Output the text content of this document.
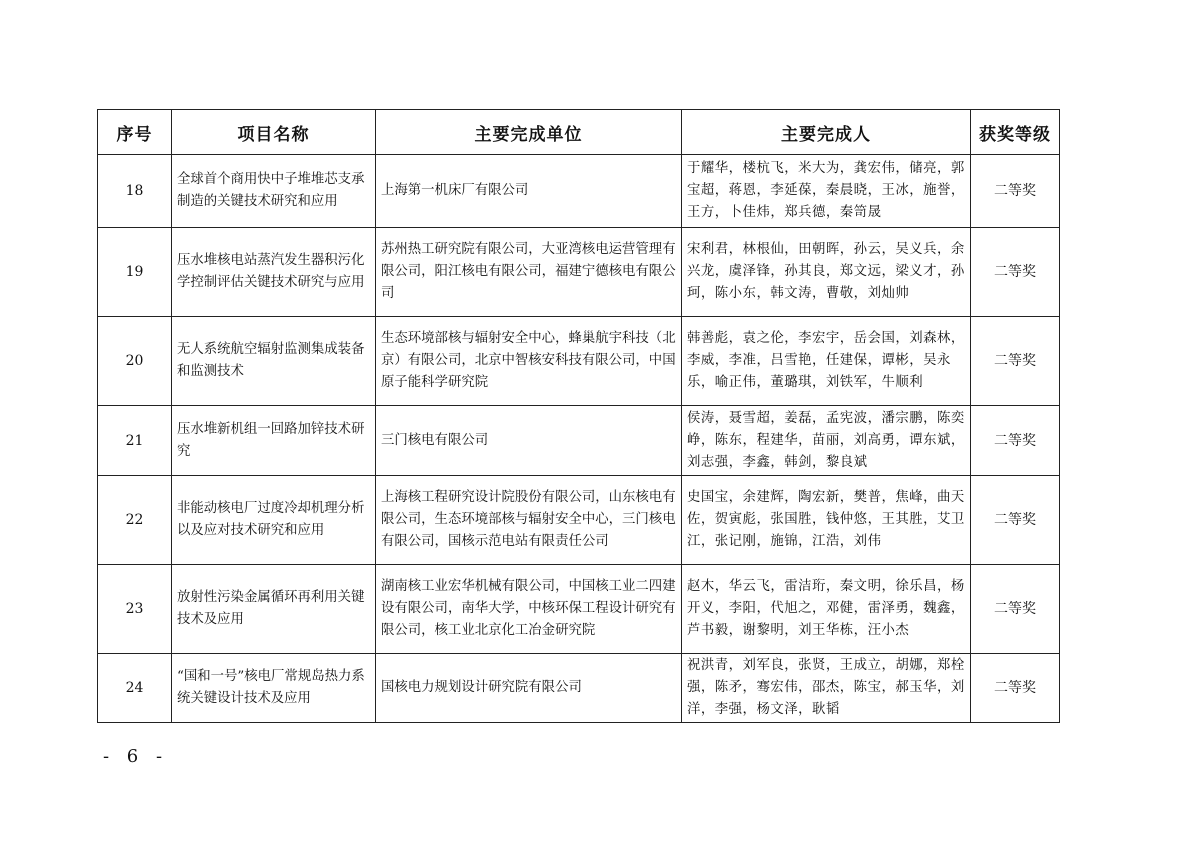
序号	项目名称	主要完成单位	主要完成人	获奖等级
18	全球首个商用快中子堆堆芯支承制造的关键技术研究和应用	上海第一机床厂有限公司	于耀华，楼杭飞，米大为，龚宏伟，储亮，郭宝超，蒋恩，李延葆，秦晨晓，王冰，施誉，王方，卜佳炜，郑兵德，秦笥晟	二等奖
19	压水堆核电站蒸汽发生器积污化学控制评估关键技术研究与应用	苏州热工研究院有限公司，大亚湾核电运营管理有限公司，阳江核电有限公司，福建宁德核电有限公司	宋利君，林根仙，田朝晖，孙云，吴义兵，余兴龙，虞泽锋，孙其良，郑文远，梁义才，孙珂，陈小东，韩文涛，曹敬，刘灿帅	二等奖
20	无人系统航空辐射监测集成装备和监测技术	生态环境部核与辐射安全中心，蜂巢航宇科技（北京）有限公司，北京中智核安科技有限公司，中国原子能科学研究院	韩善彪，袁之伦，李宏宇，岳会国，刘森林，李威，李准，吕雪艳，任建保，谭彬，吴永乐，喻正伟，董璐琪，刘铁军，牛顺利	二等奖
21	压水堆新机组一回路加锌技术研究	三门核电有限公司	侯涛，聂雪超，姜磊，孟宪波，潘宗鹏，陈奕峥，陈东，程建华，苗丽，刘高勇，谭东斌，刘志强，李鑫，韩剑，黎良斌	二等奖
22	非能动核电厂过度冷却机理分析以及应对技术研究和应用	上海核工程研究设计院股份有限公司，山东核电有限公司，生态环境部核与辐射安全中心，三门核电有限公司，国核示范电站有限责任公司	史国宝，余建辉，陶宏新，樊普，焦峰，曲天佐，贺寅彪，张国胜，钱仲悠，王其胜，艾卫江，张记刚，施锦，江浩，刘伟	二等奖
23	放射性污染金属循环再利用关键技术及应用	湖南核工业宏华机械有限公司，中国核工业二四建设有限公司，南华大学，中核环保工程设计研究有限公司，核工业北京化工冶金研究院	赵木，华云飞，雷洁珩，秦文明，徐乐昌，杨开义，李阳，代旭之，邓健，雷泽勇，魏鑫，芦书毅，谢黎明，刘王华栋，汪小杰	二等奖
24	“国和一号”核电厂常规岛热力系统关键设计技术及应用	国核电力规划设计研究院有限公司	祝洪青，刘军良，张贤，王成立，胡娜，郑栓强，陈矛，骞宏伟，邵杰，陈宝，郝玉华，刘洋，李强，杨文泽，耿韬	二等奖
- 6 -
